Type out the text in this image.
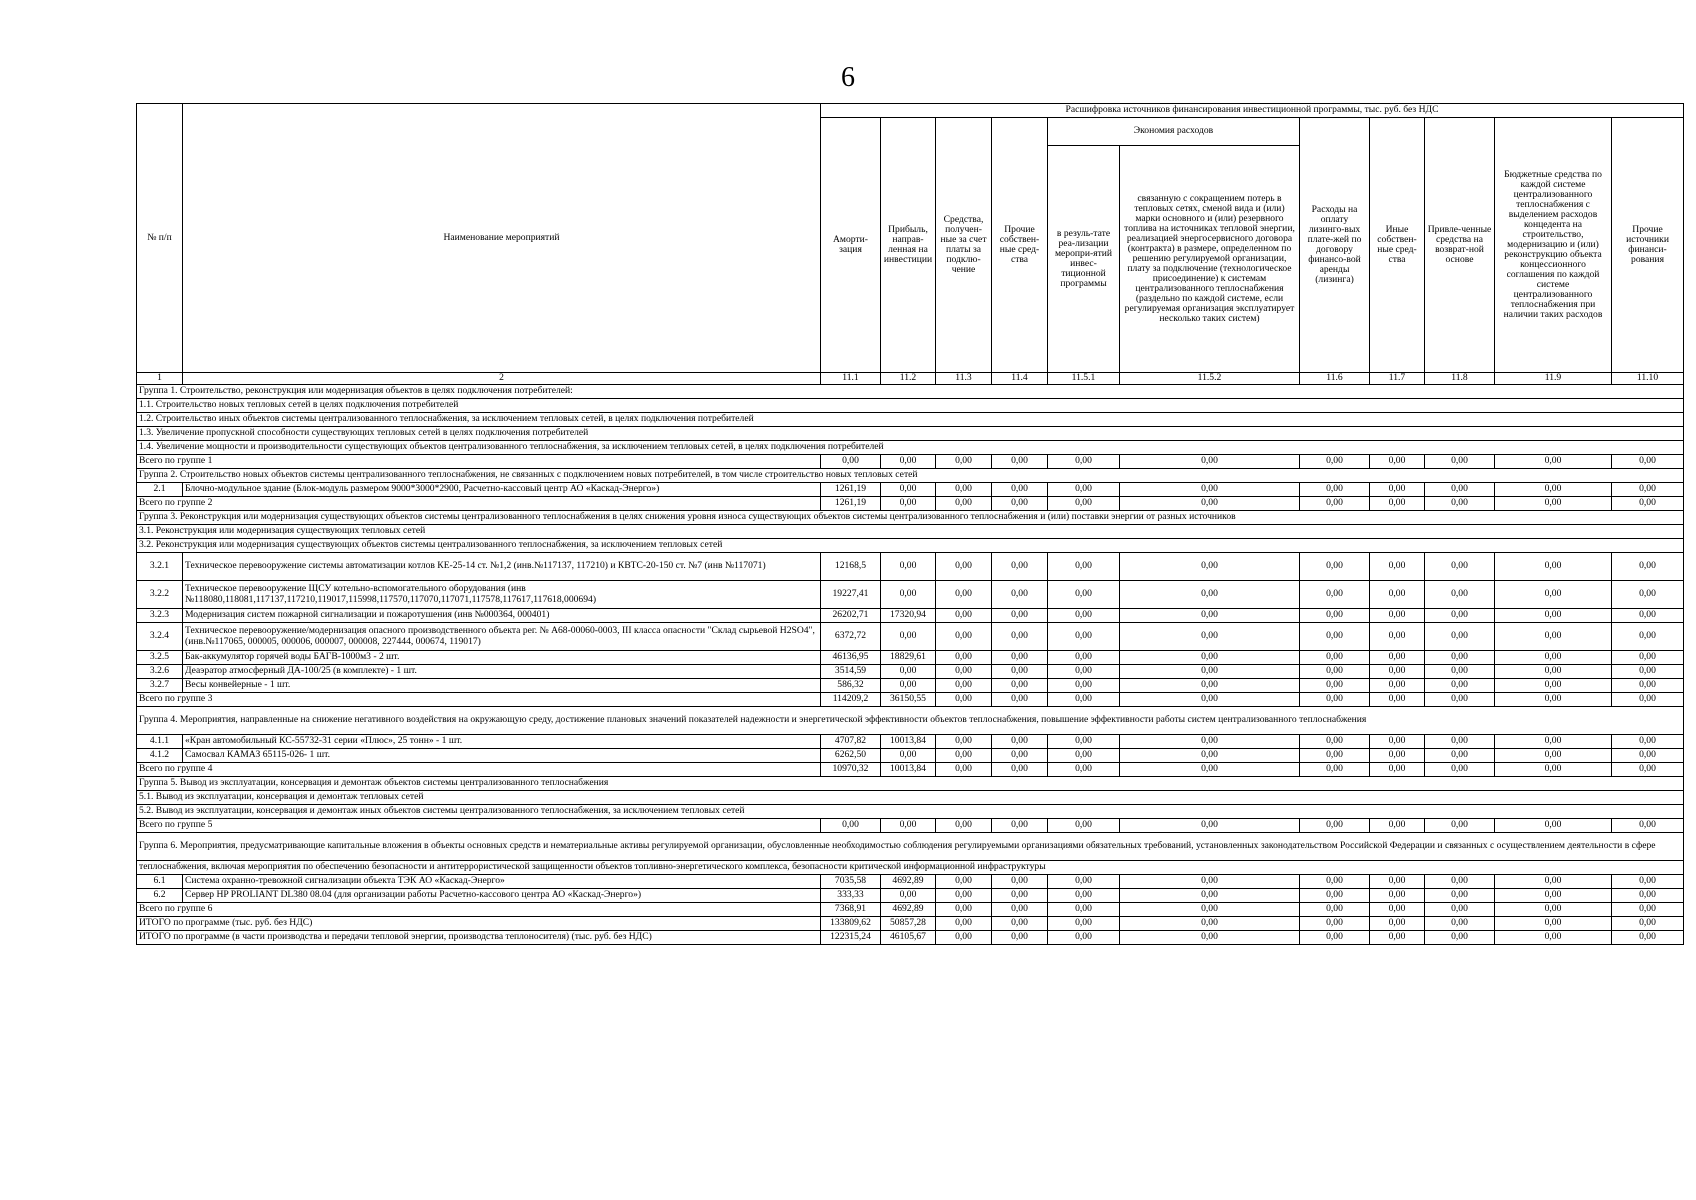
6
№ п/п	Наименование мероприятий	Расшифровка источников финансирования инвестиционной программы, тыс. руб. без НДС										
		Аморти-зация	Прибыль, направ-ленная на инвестиции	Средства, получен-ные за счет платы за подклю-чение	Прочие собствен-ные сред-ства	Экономия расходов		Расходы на оплату лизинго-вых плате-жей по договору финансо-вой аренды (лизинга)	Иные собствен-ные сред-ства	Привле-ченные средства на возврат-ной основе	Бюджетные средства по каждой системе централизованного теплоснабжения с выделением расходов концедента на строительство, модернизацию и (или) реконструкцию объекта концессионного соглашения по каждой системе централизованного теплоснабжения при наличии таких расходов	Прочие источники финанси-рования
						в резуль-тате реа-лизации меропри-ятий инвес-тиционной программы	связанную с сокращением потерь в тепловых сетях, сменой вида и (или) марки основного и (или) резервного топлива на источниках тепловой энергии, реализацией энергосервисного договора (контракта) в размере, определенном по решению регулируемой организации, плату за подключение (технологическое присоединение) к системам централизованного теплоснабжения (раздельно по каждой системе, если регулируемая организация эксплуатирует несколько таких систем)					
1	2	11.1	11.2	11.3	11.4	11.5.1	11.5.2	11.6	11.7	11.8	11.9	11.10
Группа 1. Строительство, реконструкция или модернизация объектов в целях подключения потребителей:												
1.1. Строительство новых тепловых сетей в целях подключения потребителей												
1.2. Строительство иных объектов системы централизованного теплоснабжения, за исключением тепловых сетей, в целях подключения потребителей												
1.3. Увеличение пропускной способности существующих тепловых сетей в целях подключения потребителей												
1.4. Увеличение мощности и производительности существующих объектов централизованного теплоснабжения, за исключением тепловых сетей, в целях подключения потребителей												
Всего по группе 1		0,00	0,00	0,00	0,00	0,00	0,00	0,00	0,00	0,00	0,00	0,00
Группа 2. Строительство новых объектов системы централизованного теплоснабжения, не связанных с подключением новых потребителей, в том числе строительство новых тепловых сетей												
2.1	Блочно-модульное здание (Блок-модуль размером 9000*3000*2900, Расчетно-кассовый центр АО «Каскад-Энерго»)	1261,19	0,00	0,00	0,00	0,00	0,00	0,00	0,00	0,00	0,00	0,00
Всего по группе 2		1261,19	0,00	0,00	0,00	0,00	0,00	0,00	0,00	0,00	0,00	0,00
Группа 3. Реконструкция или модернизация существующих объектов системы централизованного теплоснабжения в целях снижения уровня износа существующих объектов системы централизованного теплоснабжения и (или) поставки энергии от разных источников												
3.1. Реконструкция или модернизация существующих тепловых сетей												
3.2. Реконструкция или модернизация существующих объектов системы централизованного теплоснабжения, за исключением тепловых сетей												
3.2.1	Техническое перевооружение системы автоматизации котлов КЕ-25-14 ст. №1,2 (инв.№117137, 117210) и КВТС-20-150 ст. №7 (инв №117071)	12168,5	0,00	0,00	0,00	0,00	0,00	0,00	0,00	0,00	0,00	0,00
3.2.2	Техническое перевооружение ЩСУ котельно-вспомогательного оборудования (инв №118080,118081,117137,117210,119017,115998,117570,117070,117071,117578,117617,117618,000694)	19227,41	0,00	0,00	0,00	0,00	0,00	0,00	0,00	0,00	0,00	0,00
3.2.3	Модернизация систем пожарной сигнализации и пожаротушения (инв №000364, 000401)	26202,71	17320,94	0,00	0,00	0,00	0,00	0,00	0,00	0,00	0,00	0,00
3.2.4	Техническое перевооружение/модернизация опасного производственного объекта рег. № А68-00060-0003, III класса опасности "Склад сырьевой H2SO4", (инв.№117065, 000005, 000006, 000007, 000008, 227444, 000674, 119017)	6372,72	0,00	0,00	0,00	0,00	0,00	0,00	0,00	0,00	0,00	0,00
3.2.5	Бак-аккумулятор горячей воды БАГВ-1000м3 - 2 шт.	46136,95	18829,61	0,00	0,00	0,00	0,00	0,00	0,00	0,00	0,00	0,00
3.2.6	Деаэратор атмосферный ДА-100/25 (в комплекте) - 1 шт.	3514,59	0,00	0,00	0,00	0,00	0,00	0,00	0,00	0,00	0,00	0,00
3.2.7	Весы конвейерные - 1 шт.	586,32	0,00	0,00	0,00	0,00	0,00	0,00	0,00	0,00	0,00	0,00
Всего по группе 3		114209,2	36150,55	0,00	0,00	0,00	0,00	0,00	0,00	0,00	0,00	0,00
Группа 4. Мероприятия, направленные на снижение негативного воздействия на окружающую среду, достижение плановых значений показателей надежности и энергетической эффективности объектов теплоснабжения, повышение эффективности работы систем централизованного теплоснабжения												
4.1.1	«Кран автомобильный КС-55732-31 серии «Плюс», 25 тонн» - 1 шт.	4707,82	10013,84	0,00	0,00	0,00	0,00	0,00	0,00	0,00	0,00	0,00
4.1.2	Самосвал КАМАЗ 65115-026- 1 шт.	6262,50	0,00	0,00	0,00	0,00	0,00	0,00	0,00	0,00	0,00	0,00
Всего по группе 4		10970,32	10013,84	0,00	0,00	0,00	0,00	0,00	0,00	0,00	0,00	0,00
Группа 5. Вывод из эксплуатации, консервация и демонтаж объектов системы централизованного теплоснабжения												
5.1. Вывод из эксплуатации, консервация и демонтаж тепловых сетей												
5.2. Вывод из эксплуатации, консервация и демонтаж иных объектов системы централизованного теплоснабжения, за исключением тепловых сетей												
Всего по группе 5		0,00	0,00	0,00	0,00	0,00	0,00	0,00	0,00	0,00	0,00	0,00
Группа 6. Мероприятия, предусматривающие капитальные вложения в объекты основных средств и нематериальные активы регулируемой организации, обусловленные необходимостью соблюдения регулируемыми организациями обязательных требований, установленных законодательством Российской Федерации и связанных с осуществлением деятельности в сфере												
теплоснабжения, включая мероприятия по обеспечению безопасности и антитеррористической защищенности объектов топливно-энергетического комплекса, безопасности критической информационной инфраструктуры												
6.1	Система охранно-тревожной сигнализации объекта ТЭК АО «Каскад-Энерго»	7035,58	4692,89	0,00	0,00	0,00	0,00	0,00	0,00	0,00	0,00	0,00
6.2	Сервер HP PROLIANT DL380 08.04 (для организации работы Расчетно-кассового центра АО «Каскад-Энерго»)	333,33	0,00	0,00	0,00	0,00	0,00	0,00	0,00	0,00	0,00	0,00
Всего по группе 6		7368,91	4692,89	0,00	0,00	0,00	0,00	0,00	0,00	0,00	0,00	0,00
ИТОГО по программе (тыс. руб. без НДС)		133809,62	50857,28	0,00	0,00	0,00	0,00	0,00	0,00	0,00	0,00	0,00
ИТОГО по программе (в части производства и передачи тепловой энергии, производства теплоносителя) (тыс. руб. без НДС)		122315,24	46105,67	0,00	0,00	0,00	0,00	0,00	0,00	0,00	0,00	0,00
